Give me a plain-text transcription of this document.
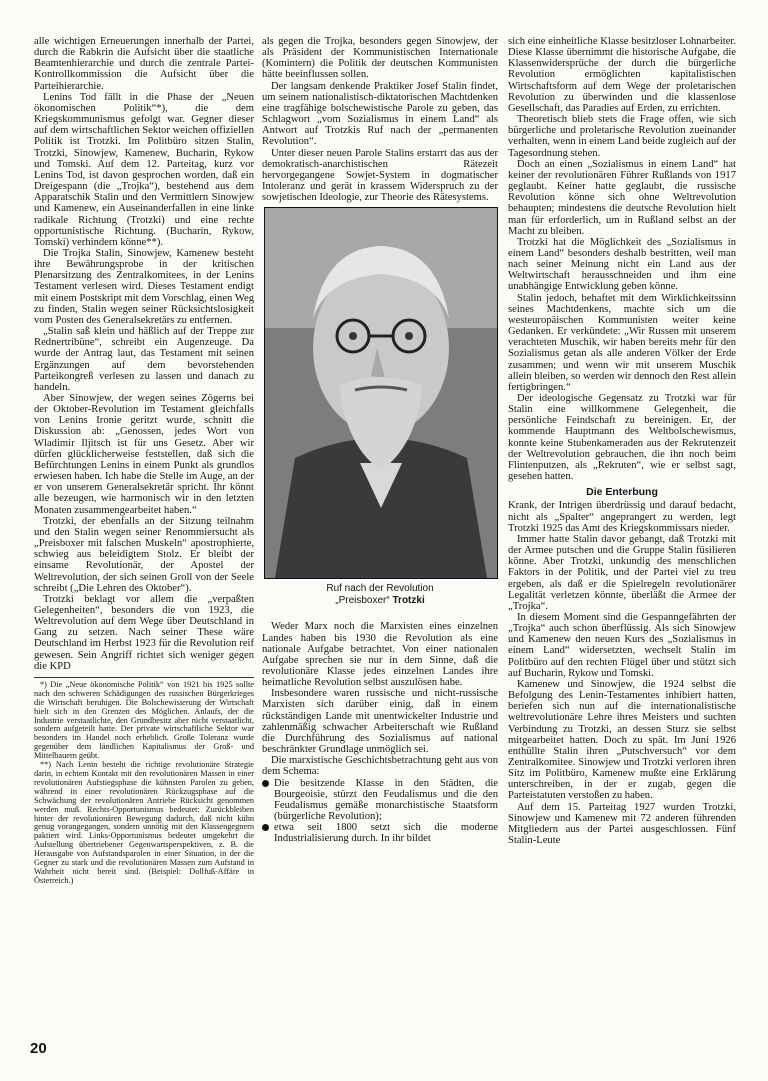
alle wichtigen Erneuerungen innerhalb der Partei, durch die Rabkrin die Aufsicht über die staatliche Beamtenhierarchie und durch die zentrale Partei-Kontrollkommission die Aufsicht über die Parteihierarchie.

Lenins Tod fällt in die Phase der „Neuen ökonomischen Politik“*), die dem Kriegskommunismus gefolgt war. Gegner dieser auf dem wirtschaftlichen Sektor weichen offiziellen Politik ist Trotzki. Im Politbüro sitzen Stalin, Trotzki, Sinowjew, Kamenew, Bucharin, Rykow und Tomski. Auf dem 12. Parteitag, kurz vor Lenins Tod, ist davon gesprochen worden, daß ein Dreigespann (die „Trojka“), bestehend aus dem Apparatschik Stalin und den Vermittlern Sinowjew und Kamenew, ein Auseinanderfallen in eine linke radikale Richtung (Trotzki) und eine rechte opportunistische Richtung. (Bucharin, Rykow, Tomski) verhindern könne**).

Die Trojka Stalin, Sinowjew, Kamenew besteht ihre Bewährungsprobe in der kritischen Plenarsitzung des Zentralkomitees, in der Lenins Testament verlesen wird. Dieses Testament endigt mit einem Postskript mit dem Vorschlag, einen Weg zu finden, Stalin wegen seiner Rücksichtslosigkeit vom Posten des Generalsekretärs zu entfernen.

„Stalin saß klein und häßlich auf der Treppe zur Rednertribüne“, schreibt ein Augenzeuge. Da wurde der Antrag laut, das Testament mit seinen Ergänzungen auf dem bevorstehenden Parteikongreß verlesen zu lassen und danach zu handeln.

Aber Sinowjew, der wegen seines Zögerns bei der Oktober-Revolution im Testament gleichfalls von Lenins Ironie geritzt wurde, schnitt die Diskussion ab: „Genossen, jedes Wort von Wladimir Iljitsch ist für uns Gesetz. Aber wir dürfen glücklicherweise feststellen, daß sich die Befürchtungen Lenins in einem Punkt als grundlos erwiesen haben. Ich habe die Stelle im Auge, an der er von unserem Generalsekretär spricht. Ihr könnt alle bezeugen, wie harmonisch wir in den letzten Monaten zusammengearbeitet haben.“

Trotzki, der ebenfalls an der Sitzung teilnahm und den Stalin wegen seiner Renommiersucht als „Preisboxer mit falschen Muskeln“ apostrophierte, schwieg aus beleidigtem Stolz. Er bleibt der einsame Revolutionär, der Apostel der Weltrevolution, der sich seinen Groll von der Seele schreibt („Die Lehren des Oktober“).

Trotzki beklagt vor allem die „verpaßten Gelegenheiten“, besonders die von 1923, die Weltrevolution auf dem Wege über Deutschland in Gang zu setzen. Nach seiner These wäre Deutschland im Herbst 1923 für die Revolution reif gewesen. Sein Angriff richtet sich weniger gegen die KPD

*) Die „Neue ökonomische Politik“ von 1921 bis 1925 sollte nach den schweren Schädigungen des russischen Bürgerkrieges die Wirtschaft beruhigen. Die Bolschewisierung der Wirtschaft hielt sich in den Grenzen des Möglichen. Anlaufs, der die Industrie verstaatlichte, den Grundbesitz aber nicht verstaatlicht, sondern aufgeteilt hatte. Der private wirtschaftliche Sektor war besonders im Handel noch erheblich. Große Toleranz wurde gegenüber dem ländlichen Kapitalismus der Groß- und Mittelbauern geübt.

**) Nach Lenin besteht die richtige revolutionäre Strategie darin, in echtem Kontakt mit den revolutionären Massen in einer revolutionären Aufstiegsphase die kühnsten Parolen zu geben, während in einer revolutionären Rückzugsphase auf die Schwächung der revolutionären Antriebe Rücksicht genommen werden muß. Rechts-Opportunismus bedeutet: Zurückbleiben hinter der revolutionären Bewegung dadurch, daß nicht kühn genug vorangegangen, sondern unnötig mit den Klassengegnern paktiert wird. Links-Opportunismus bedeutet umgekehrt die Aufstellung übertriebener Gegenwartsperspektiven, z. B. die Herausgabe von Aufstandsparolen in einer Situation, in der die Gegner zu stark und die revolutionären Massen zum Aufstand in Wahrheit nicht bereit sind. (Beispiel: Dollfuß-Affäre in Österreich.)

als gegen die Trojka, besonders gegen Sinowjew, der als Präsident der Kommunistischen Internationale (Komintern) die Politik der deutschen Kommunisten hätte beeinflussen sollen.

Der langsam denkende Praktiker Josef Stalin findet, um seinem nationalistisch-diktatorischen Machtdenken eine tragfähige bolschewistische Parole zu geben, das Schlagwort „vom Sozialismus in einem Land“ als Antwort auf Trotzkis Ruf nach der „permanenten Revolution“.

Unter dieser neuen Parole Stalins erstarrt das aus der demokratisch-anarchistischen Rätezeit hervorgegangene Sowjet-System in dogmatischer Intoleranz und gerät in krassem Widerspruch zu der sowjetischen Ideologie, zur Theorie des Rätesystems.

Ruf nach der Revolution
„Preisboxer“ Trotzki

Weder Marx noch die Marxisten eines einzelnen Landes haben bis 1930 die Revolution als eine nationale Aufgabe betrachtet. Von einer nationalen Aufgabe sprechen sie nur in dem Sinne, daß die revolutionäre Klasse jedes einzelnen Landes ihre heimatliche Revolution selbst auszulösen habe.

Insbesondere waren russische und nicht-russische Marxisten sich darüber einig, daß in einem rückständigen Lande mit unentwickelter Industrie und zahlenmäßig schwacher Arbeiterschaft wie Rußland die Durchführung des Sozialismus auf national beschränkter Grundlage unmöglich sei.

Die marxistische Geschichtsbetrachtung geht aus von dem Schema:

Die besitzende Klasse in den Städten, die Bourgeoisie, stürzt den Feudalismus und die den Feudalismus gemäße monarchistische Staatsform (bürgerliche Revolution);

etwa seit 1800 setzt sich die moderne Industrialisierung durch. In ihr bildet

sich eine einheitliche Klasse besitzloser Lohnarbeiter. Diese Klasse übernimmt die historische Aufgabe, die Klassenwidersprüche der durch die bürgerliche Revolution ermöglichten kapitalistischen Wirtschaftsform auf dem Wege der proletarischen Revolution zu überwinden und die klassenlose Gesellschaft, das Paradies auf Erden, zu errichten.

Theoretisch blieb stets die Frage offen, wie sich bürgerliche und proletarische Revolution zueinander verhalten, wenn in einem Land beide zugleich auf der Tagesordnung stehen.

Doch an einen „Sozialismus in einem Land“ hat keiner der revolutionären Führer Rußlands von 1917 geglaubt. Keiner hatte geglaubt, die russische Revolution könne sich ohne Weltrevolution behaupten; mindestens die deutsche Revolution hielt man für erforderlich, um in Rußland selbst an der Macht zu bleiben.

Trotzki hat die Möglichkeit des „Sozialismus in einem Land“ besonders deshalb bestritten, weil man nach seiner Meinung nicht ein Land aus der Weltwirtschaft herausschneiden und ihm eine unabhängige Entwicklung geben könne.

Stalin jedoch, behaftet mit dem Wirklichkeitssinn seines Machtdenkens, machte sich um die westeuropäischen Kommunisten weiter keine Gedanken. Er verkündete: „Wir Russen mit unserem verachteten Muschik, wir haben bereits mehr für den Sozialismus getan als alle anderen Völker der Erde zusammen; und wenn wir mit unserem Muschik allein bleiben, so werden wir dennoch den Rest allein fertigbringen.“

Der ideologische Gegensatz zu Trotzki war für Stalin eine willkommene Gelegenheit, die persönliche Feindschaft zu bereinigen. Er, der kommende Hauptmann des Weltbolschewismus, konnte keine Stubenkameraden aus der Rekrutenzeit der Weltrevolution gebrauchen, die ihn noch beim Flintenputzen, als „Rekruten“, wie er selbst sagt, gesehen hatten.

Die Enterbung

Krank, der Intrigen überdrüssig und darauf bedacht, nicht als „Spalter“ angeprangert zu werden, legt Trotzki 1925 das Amt des Kriegskommissars nieder.

Immer hatte Stalin davor gebangt, daß Trotzki mit der Armee putschen und die Gruppe Stalin füsilieren könne. Aber Trotzki, unkundig des menschlichen Faktors in der Politik, und der Partei viel zu treu ergeben, als daß er die Spielregeln revolutionärer Legalität verletzen könnte, überläßt die Armee der „Trojka“.

In diesem Moment sind die Gespanngefährten der „Trojka“ auch schon überflüssig. Als sich Sinowjew und Kamenew den neuen Kurs des „Sozialismus in einem Land“ widersetzten, wechselt Stalin im Politbüro auf den rechten Flügel über und stützt sich auf Bucharin, Rykow und Tomski.

Kamenew und Sinowjew, die 1924 selbst die Befolgung des Lenin-Testamentes inhibiert hatten, beriefen sich nun auf die internationalistische weltrevolutionäre Lehre ihres Meisters und suchten Verbindung zu Trotzki, an dessen Sturz sie selbst mitgearbeitet hatten. Doch zu spät. Im Juni 1926 enthüllte Stalin ihren „Putschversuch“ vor dem Zentralkomitee. Sinowjew und Trotzki verloren ihren Sitz im Politbüro, Kamenew mußte eine Erklärung unterschreiben, in der er zugab, gegen die Parteistatuten verstoßen zu haben.

Auf dem 15. Parteitag 1927 wurden Trotzki, Sinowjew und Kamenew mit 72 anderen führenden Mitgliedern aus der Partei ausgeschlossen. Fünf Stalin-Leute

20
